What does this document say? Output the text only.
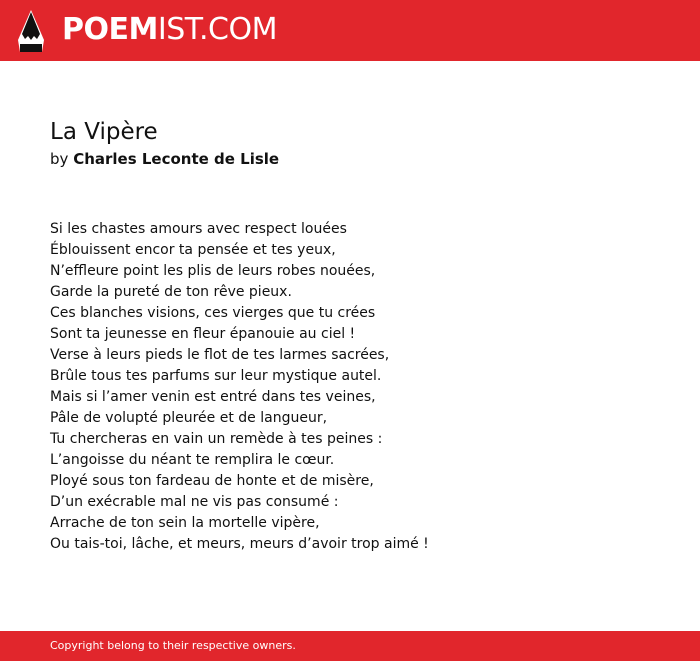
POEMIST.COM
La Vipère
by Charles Leconte de Lisle
Si les chastes amours avec respect louées
Éblouissent encor ta pensée et tes yeux,
N’effleure point les plis de leurs robes nouées,
Garde la pureté de ton rêve pieux.
Ces blanches visions, ces vierges que tu crées
Sont ta jeunesse en fleur épanouie au ciel !
Verse à leurs pieds le flot de tes larmes sacrées,
Brûle tous tes parfums sur leur mystique autel.
Mais si l’amer venin est entré dans tes veines,
Pâle de volupté pleurée et de langueur,
Tu chercheras en vain un remède à tes peines :
L’angoisse du néant te remplira le cœur.
Ployé sous ton fardeau de honte et de misère,
D’un exécrable mal ne vis pas consumé :
Arrache de ton sein la mortelle vipère,
Ou tais-toi, lâche, et meurs, meurs d’avoir trop aimé !
Copyright belong to their respective owners.
